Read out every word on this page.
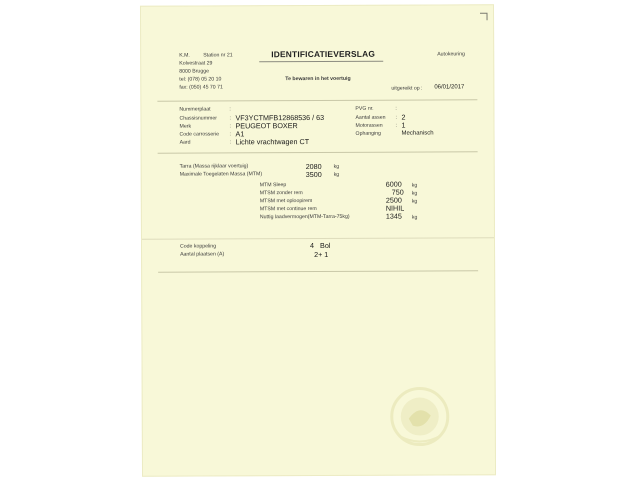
K.M.	Station nr 21
Kolvestraat 29
8000 Brugge
tel: (078) 05 20 10
fax: (050) 45 70 71
IDENTIFICATIEVERSLAG
Te bewaren in het voertuig
Autokeuring
uitgereikt op : 06/01/2017
Nummerplaat	:
Chassisnummer : VF3YCTMFB12868536 / 63
Merk	: PEUGEOT BOXER
Code carrosserie : A1
Aard	: Lichte vrachtwagen CT
PVG nr.	:
Aantal assen : 2
Motorassen : 1
Ophanging	Mechanisch
Tarra (Massa rijklaar voertuig)	2080 kg
Maximale Toegelaten Massa (MTM)	3500 kg
MTM Sleep	6000 kg
MTSM zonder rem	750 kg
MTSM met oploopirem	2500 kg
MTSM met continue rem	NIHIL
Nuttig laadvermogen(MTM-Tarra-75kg)	1345 kg
Code koppeling	4 Bol
Aantal plaatsen (A)	2+ 1
